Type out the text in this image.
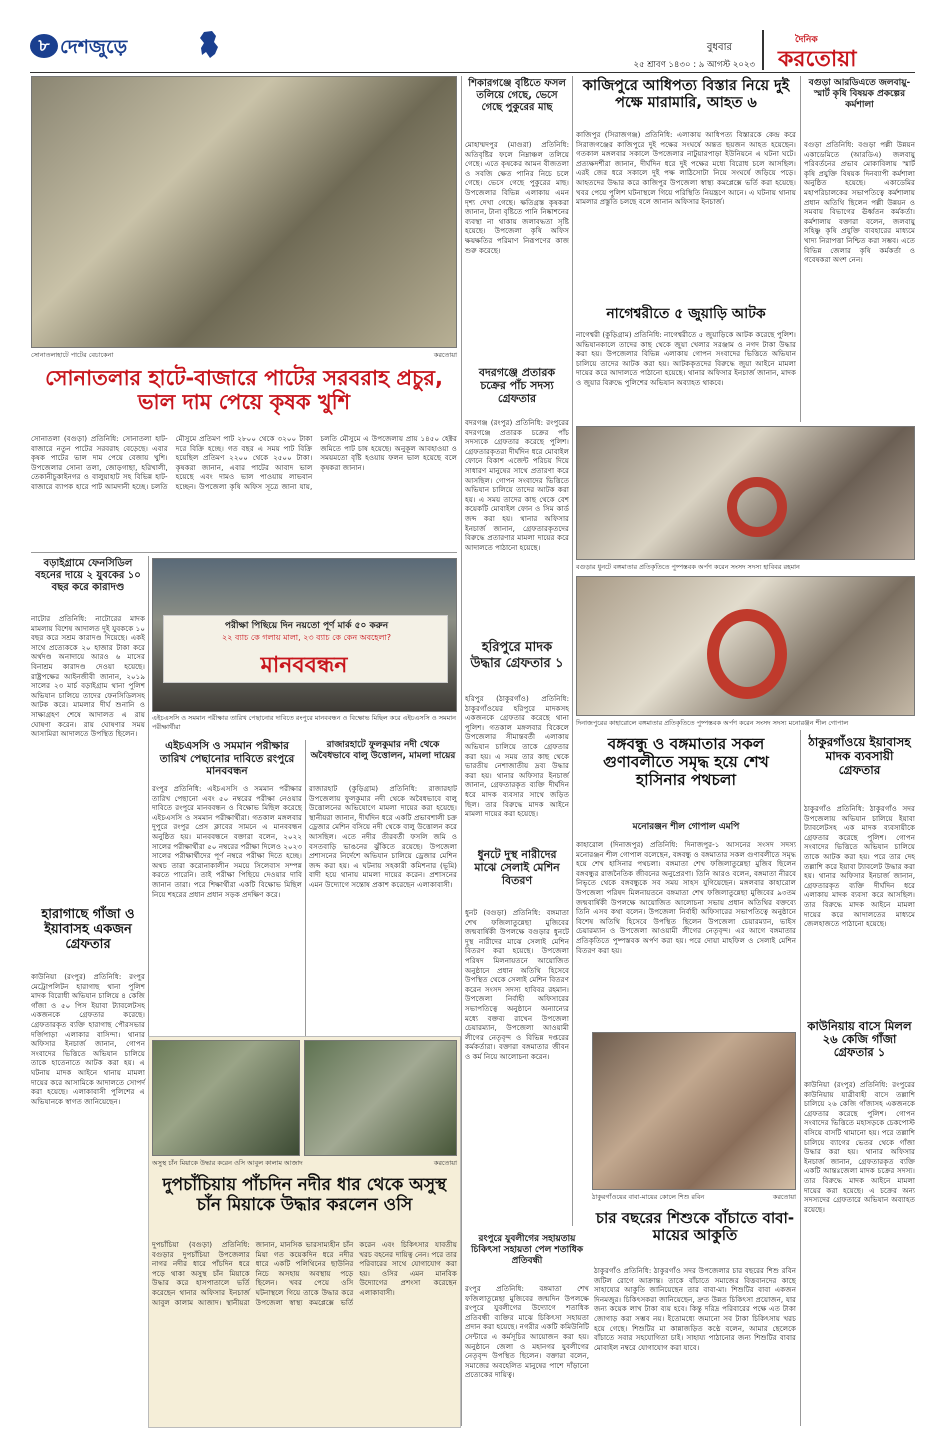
৮ দেশজুড়ে	বুধবার
২৫ শ্রাবণ ১৪৩০ : ৯ আগস্ট ২০২৩
দৈনিক
করতোয়া
সোনাতলাহাটে পাটের বেচাকেনা	করতোয়া
সোনাতলার হাটে-বাজারে পাটের সরবরাহ প্রচুর, ভাল দাম পেয়ে কৃষক খুশি
সোনাতলা (বগুড়া) প্রতিনিধি: সোনাতলা হাট-বাজারে নতুন পাটের সরবরাহ বেড়েছে। এবার কৃষক পাটের ভাল দাম পেয়ে বেজায় খুশি। উপজেলার সোনা তলা, জোড়গাছা, হরিখালী, তেকানীচুকাইনগর ও বালুয়াহাট সহ বিভিন্ন হাট-বাজারে ব্যাপক হারে পাট আমদানী হচ্ছে। চলতি মৌসুমে প্রতিমণ পাট ২৮০০ থেকে ৩২০০ টাকা দরে বিক্রি হচ্ছে। গত বছর এ সময় পাট বিক্রি হয়েছিল প্রতিমণ ২২০০ থেকে ২৫০০ টাকা। কৃষকরা জানান, এবার পাটের আবাদ ভাল হয়েছে এবং দামও ভাল পাওয়ায় লাভবান হচ্ছেন। উপজেলা কৃষি অফিস সূত্রে জানা যায়, চলতি মৌসুমে এ উপজেলায় প্রায় ১৪৫০ হেক্টর জমিতে পাট চাষ হয়েছে। অনুকূল আবহাওয়া ও সময়মতো বৃষ্টি হওয়ায় ফলন ভাল হয়েছে বলে কৃষকরা জানান।
বড়াইগ্রামে ফেনসিডিল বহনের দায়ে ২ যুবকের ১০ বছর করে কারাদণ্ড
নাটোর প্রতিনিধি: নাটোরের মাদক মামলায় বিশেষ আদালত দুই যুবককে ১০ বছর করে সশ্রম কারাদণ্ড দিয়েছে। একই সাথে প্রত্যেককে ২০ হাজার টাকা করে অর্থদণ্ড অনাদায়ে আরও ৬ মাসের বিনাশ্রম কারাদণ্ড দেওয়া হয়েছে। রাষ্ট্রপক্ষের আইনজীবী জানান, ২০১৯ সালের ২৩ মার্চ বড়াইগ্রাম থানা পুলিশ অভিযান চালিয়ে তাদের ফেনসিডিলসহ আটক করে। মামলার দীর্ঘ শুনানি ও সাক্ষ্যগ্রহণ শেষে আদালত এ রায় ঘোষণা করেন। রায় ঘোষণার সময় আসামিরা আদালতে উপস্থিত ছিলেন।
হারাগাছে গাঁজা ও ইয়াবাসহ একজন গ্রেফতার
কাউনিয়া (রংপুর) প্রতিনিধি: রংপুর মেট্রোপলিটন হারাগাছ থানা পুলিশ মাদক বিরোধী অভিযান চালিয়ে ৪ কেজি গাঁজা ও ৫০ পিস ইয়াবা ট্যাবলেটসহ একজনকে গ্রেফতার করেছে। গ্রেফতারকৃত ব্যক্তি হারাগাছ পৌরসভার দর্জিপাড়া এলাকার বাসিন্দা। থানার অফিসার ইনচার্জ জানান, গোপন সংবাদের ভিত্তিতে অভিযান চালিয়ে তাকে হাতেনাতে আটক করা হয়। এ ঘটনায় মাদক আইনে থানায় মামলা দায়ের করে আসামিকে আদালতে সোপর্দ করা হয়েছে। এলাকাবাসী পুলিশের এ অভিযানকে স্বাগত জানিয়েছেন।
পরীক্ষা পিছিয়ে দিন নয়তো পূর্ণ মার্ক ৫০ করুন
২২ ব্যাচ কে গলায় মালা, ২৩ ব্যাচ কে কেন অবহেলা?
মানববন্ধন
এইচএসসি ও সমমান পরীক্ষার তারিখ পেছানোর দাবিতে রংপুরে মানববন্ধন ও বিক্ষোভ মিছিল করে এইচএসসি ও সমমান পরীক্ষার্থীরা
এইচএসসি ও সমমান পরীক্ষার তারিখ পেছানোর দাবিতে রংপুরে মানববন্ধন
রংপুর প্রতিনিধি: এইচএসসি ও সমমান পরীক্ষার তারিখ পেছানো এবং ৫০ নম্বরের পরীক্ষা নেওয়ার দাবিতে রংপুরে মানববন্ধন ও বিক্ষোভ মিছিল করেছে এইচএসসি ও সমমান পরীক্ষার্থীরা। গতকাল মঙ্গলবার দুপুরে রংপুর প্রেস ক্লাবের সামনে এ মানববন্ধন অনুষ্ঠিত হয়। মানববন্ধনে বক্তারা বলেন, ২০২২ সালের পরীক্ষার্থীরা ৫০ নম্বরের পরীক্ষা দিলেও ২০২৩ সালের পরীক্ষার্থীদের পূর্ণ নম্বরে পরীক্ষা দিতে হচ্ছে। অথচ তারা করোনাকালীন সময়ে সিলেবাস সম্পন্ন করতে পারেনি। তাই পরীক্ষা পিছিয়ে দেওয়ার দাবি জানান তারা। পরে শিক্ষার্থীরা একটি বিক্ষোভ মিছিল নিয়ে শহরের প্রধান প্রধান সড়ক প্রদক্ষিণ করে।
রাজারহাটে ফুলকুমার নদী থেকে অবৈধভাবে বালু উত্তোলন, মামলা দায়ের
রাজারহাট (কুড়িগ্রাম) প্রতিনিধি: রাজারহাট উপজেলায় ফুলকুমার নদী থেকে অবৈধভাবে বালু উত্তোলনের অভিযোগে মামলা দায়ের করা হয়েছে। স্থানীয়রা জানান, দীর্ঘদিন ধরে একটি প্রভাবশালী চক্র ড্রেজার মেশিন বসিয়ে নদী থেকে বালু উত্তোলন করে আসছিল। এতে নদীর তীরবর্তী ফসলি জমি ও বসতবাড়ি ভাঙনের ঝুঁকিতে রয়েছে। উপজেলা প্রশাসনের নির্দেশে অভিযান চালিয়ে ড্রেজার মেশিন জব্দ করা হয়। এ ঘটনায় সহকারী কমিশনার (ভূমি) বাদী হয়ে থানায় মামলা দায়ের করেন। প্রশাসনের এমন উদ্যোগে সন্তোষ প্রকাশ করেছেন এলাকাবাসী।
অসুস্থ চাঁন মিয়াকে উদ্ধার করেন ওসি আবুল কালাম আজাদ	করতোয়া
দুপচাঁচিয়ায় পাঁচদিন নদীর ধার থেকে অসুস্থ চাঁন মিয়াকে উদ্ধার করলেন ওসি
দুপচাঁচিয়া (বগুড়া) প্রতিনিধি: বগুড়ার দুপচাঁচিয়া উপজেলার নাগর নদীর ধারে পাঁচদিন ধরে পড়ে থাকা অসুস্থ চাঁন মিয়াকে উদ্ধার করে হাসপাতালে ভর্তি করেছেন থানার অফিসার ইনচার্জ আবুল কালাম আজাদ। স্থানীয়রা জানান, মানসিক ভারসাম্যহীন চাঁন মিয়া গত কয়েকদিন ধরে নদীর ধারে একটি পলিথিনের ছাউনির নিচে অসহায় অবস্থায় পড়ে ছিলেন। খবর পেয়ে ওসি ঘটনাস্থলে গিয়ে তাকে উদ্ধার করে উপজেলা স্বাস্থ্য কমপ্লেক্সে ভর্তি করেন এবং চিকিৎসার যাবতীয় খরচ বহনের দায়িত্ব নেন। পরে তার পরিবারের সাথে যোগাযোগ করা হয়। ওসির এমন মানবিক উদ্যোগের প্রশংসা করেছেন এলাকাবাসী।
শিকারগঞ্জে বৃষ্টিতে ফসল তলিয়ে গেছে, ভেসে গেছে পুকুরের মাছ
মোহাম্মদপুর (মাগুরা) প্রতিনিধি: অতিবৃষ্টির ফলে নিম্নাঞ্চল তলিয়ে গেছে। এতে কৃষকের আমন বীজতলা ও সবজি ক্ষেত পানির নিচে চলে গেছে। ভেসে গেছে পুকুরের মাছ। উপজেলার বিভিন্ন এলাকায় এমন দৃশ্য দেখা গেছে। ক্ষতিগ্রস্ত কৃষকরা জানান, টানা বৃষ্টিতে পানি নিষ্কাশনের ব্যবস্থা না থাকায় জলাবদ্ধতা সৃষ্টি হয়েছে। উপজেলা কৃষি অফিস ক্ষয়ক্ষতির পরিমাণ নিরূপণের কাজ শুরু করেছে।
বদরগঞ্জে প্রতারক চক্রের পাঁচ সদস্য গ্রেফতার
বদরগঞ্জ (রংপুর) প্রতিনিধি: রংপুরের বদরগঞ্জে প্রতারক চক্রের পাঁচ সদস্যকে গ্রেফতার করেছে পুলিশ। গ্রেফতারকৃতরা দীর্ঘদিন ধরে মোবাইল ফোনে বিকাশ এজেন্ট পরিচয় দিয়ে সাধারণ মানুষের সাথে প্রতারণা করে আসছিল। গোপন সংবাদের ভিত্তিতে অভিযান চালিয়ে তাদের আটক করা হয়। এ সময় তাদের কাছ থেকে বেশ কয়েকটি মোবাইল ফোন ও সিম কার্ড জব্দ করা হয়। থানার অফিসার ইনচার্জ জানান, গ্রেফতারকৃতদের বিরুদ্ধে প্রতারণার মামলা দায়ের করে আদালতে পাঠানো হয়েছে।
হরিপুরে মাদক উদ্ধার গ্রেফতার ১
হরিপুর (ঠাকুরগাঁও) প্রতিনিধি: ঠাকুরগাঁওয়ের হরিপুরে মাদকসহ একজনকে গ্রেফতার করেছে থানা পুলিশ। গতকাল মঙ্গলবার বিকেলে উপজেলার সীমান্তবর্তী এলাকায় অভিযান চালিয়ে তাকে গ্রেফতার করা হয়। এ সময় তার কাছ থেকে ভারতীয় নেশাজাতীয় দ্রব্য উদ্ধার করা হয়। থানার অফিসার ইনচার্জ জানান, গ্রেফতারকৃত ব্যক্তি দীর্ঘদিন ধরে মাদক ব্যবসার সাথে জড়িত ছিল। তার বিরুদ্ধে মাদক আইনে মামলা দায়ের করা হয়েছে।
ধুনটে দুস্থ নারীদের মাঝে সেলাই মেশিন বিতরণ
ধুনট (বগুড়া) প্রতিনিধি: বঙ্গমাতা শেখ ফজিলাতুন্নেছা মুজিবের জন্মবার্ষিকী উপলক্ষে বগুড়ার ধুনটে দুস্থ নারীদের মাঝে সেলাই মেশিন বিতরণ করা হয়েছে। উপজেলা পরিষদ মিলনায়তনে আয়োজিত অনুষ্ঠানে প্রধান অতিথি হিসেবে উপস্থিত থেকে সেলাই মেশিন বিতরণ করেন সংসদ সদস্য হাবিবর রহমান। উপজেলা নির্বাহী অফিসারের সভাপতিত্বে অনুষ্ঠানে অন্যান্যের মধ্যে বক্তব্য রাখেন উপজেলা চেয়ারম্যান, উপজেলা আওয়ামী লীগের নেতৃবৃন্দ ও বিভিন্ন দপ্তরের কর্মকর্তারা। বক্তারা বঙ্গমাতার জীবন ও কর্ম নিয়ে আলোচনা করেন।
রংপুরে যুবলীগের সহায়তায় চিকিৎসা সহায়তা পেল শতাধিক প্রতিবন্ধী
রংপুর প্রতিনিধি: বঙ্গমাতা শেখ ফজিলাতুন্নেছা মুজিবের জন্মদিন উপলক্ষে রংপুরে যুবলীগের উদ্যোগে শতাধিক প্রতিবন্ধী ব্যক্তির মাঝে চিকিৎসা সহায়তা প্রদান করা হয়েছে। নগরীর একটি কমিউনিটি সেন্টারে এ কর্মসূচির আয়োজন করা হয়। অনুষ্ঠানে জেলা ও মহানগর যুবলীগের নেতৃবৃন্দ উপস্থিত ছিলেন। বক্তারা বলেন, সমাজের অবহেলিত মানুষের পাশে দাঁড়ানো প্রত্যেকের দায়িত্ব।
কাজিপুরে আধিপত্য বিস্তার নিয়ে দুই পক্ষে মারামারি, আহত ৬
কাজিপুর (সিরাজগঞ্জ) প্রতিনিধি: এলাকায় আধিপত্য বিস্তারকে কেন্দ্র করে সিরাজগঞ্জের কাজিপুরে দুই পক্ষের সংঘর্ষে অন্তত ছয়জন আহত হয়েছেন। গতকাল মঙ্গলবার সকালে উপজেলার নাটুয়ারপাড়া ইউনিয়নে এ ঘটনা ঘটে। প্রত্যক্ষদর্শীরা জানান, দীর্ঘদিন ধরে দুই পক্ষের মধ্যে বিরোধ চলে আসছিল। এরই জের ধরে সকালে দুই পক্ষ লাঠিসোটা নিয়ে সংঘর্ষে জড়িয়ে পড়ে। আহতদের উদ্ধার করে কাজিপুর উপজেলা স্বাস্থ্য কমপ্লেক্সে ভর্তি করা হয়েছে। খবর পেয়ে পুলিশ ঘটনাস্থলে গিয়ে পরিস্থিতি নিয়ন্ত্রণে আনে। এ ঘটনায় থানায় মামলার প্রস্তুতি চলছে বলে জানান অফিসার ইনচার্জ।
নাগেশ্বরীতে ৫ জুয়াড়ি আটক
নাগেশ্বরী (কুড়িগ্রাম) প্রতিনিধি: নাগেশ্বরীতে ৫ জুয়াড়িকে আটক করেছে পুলিশ। অভিযানকালে তাদের কাছ থেকে জুয়া খেলার সরঞ্জাম ও নগদ টাকা উদ্ধার করা হয়। উপজেলার বিভিন্ন এলাকায় গোপন সংবাদের ভিত্তিতে অভিযান চালিয়ে তাদের আটক করা হয়। আটককৃতদের বিরুদ্ধে জুয়া আইনে মামলা দায়ের করে আদালতে পাঠানো হয়েছে। থানার অফিসার ইনচার্জ জানান, মাদক ও জুয়ার বিরুদ্ধে পুলিশের অভিযান অব্যাহত থাকবে।
বগুড়া আরডিএতে জলবায়ু-স্মার্ট কৃষি বিষয়ক প্রকল্পের কর্মশালা
বগুড়া প্রতিনিধি: বগুড়া পল্লী উন্নয়ন একাডেমিতে (আরডিএ) জলবায়ু পরিবর্তনের প্রভাব মোকাবিলায় স্মার্ট কৃষি প্রযুক্তি বিষয়ক দিনব্যাপী কর্মশালা অনুষ্ঠিত হয়েছে। একাডেমির মহাপরিচালকের সভাপতিত্বে কর্মশালায় প্রধান অতিথি ছিলেন পল্লী উন্নয়ন ও সমবায় বিভাগের ঊর্ধ্বতন কর্মকর্তা। কর্মশালায় বক্তারা বলেন, জলবায়ু সহিষ্ণু কৃষি প্রযুক্তি ব্যবহারের মাধ্যমে খাদ্য নিরাপত্তা নিশ্চিত করা সম্ভব। এতে বিভিন্ন জেলার কৃষি কর্মকর্তা ও গবেষকরা অংশ নেন।
বগুড়ার ধুনটে বঙ্গমাতার প্রতিকৃতিতে পুষ্পস্তবক অর্পণ করেন সংসদ সদস্য হাবিবর রহমান
দিনাজপুরের কাহারোলে বঙ্গমাতার প্রতিকৃতিতে পুষ্পস্তবক অর্পণ করেন সংসদ সদস্য মনোরঞ্জন শীল গোপাল
বঙ্গবন্ধু ও বঙ্গমাতার সকল গুণাবলীতে সমৃদ্ধ হয়ে শেখ হাসিনার পথচলা
মনোরঞ্জন শীল গোপাল এমপি
কাহারোল (দিনাজপুর) প্রতিনিধি: দিনাজপুর-১ আসনের সংসদ সদস্য মনোরঞ্জন শীল গোপাল বলেছেন, বঙ্গবন্ধু ও বঙ্গমাতার সকল গুণাবলীতে সমৃদ্ধ হয়ে শেখ হাসিনার পথচলা। বঙ্গমাতা শেখ ফজিলাতুন্নেছা মুজিব ছিলেন বঙ্গবন্ধুর রাজনৈতিক জীবনের অনুপ্রেরণা। তিনি আরও বলেন, বঙ্গমাতা নীরবে নিভৃতে থেকে বঙ্গবন্ধুকে সব সময় সাহস যুগিয়েছেন। মঙ্গলবার কাহারোল উপজেলা পরিষদ মিলনায়তনে বঙ্গমাতা শেখ ফজিলাতুন্নেছা মুজিবের ৯৩তম জন্মবার্ষিকী উপলক্ষে আয়োজিত আলোচনা সভায় প্রধান অতিথির বক্তব্যে তিনি এসব কথা বলেন। উপজেলা নির্বাহী অফিসারের সভাপতিত্বে অনুষ্ঠানে বিশেষ অতিথি হিসেবে উপস্থিত ছিলেন উপজেলা চেয়ারম্যান, ভাইস চেয়ারম্যান ও উপজেলা আওয়ামী লীগের নেতৃবৃন্দ। এর আগে বঙ্গমাতার প্রতিকৃতিতে পুষ্পস্তবক অর্পণ করা হয়। পরে দোয়া মাহফিল ও সেলাই মেশিন বিতরণ করা হয়।
ঠাকুরগাঁওয়ে ইয়াবাসহ মাদক ব্যবসায়ী গ্রেফতার
ঠাকুরগাঁও প্রতিনিধি: ঠাকুরগাঁও সদর উপজেলায় অভিযান চালিয়ে ইয়াবা ট্যাবলেটসহ এক মাদক ব্যবসায়ীকে গ্রেফতার করেছে পুলিশ। গোপন সংবাদের ভিত্তিতে অভিযান চালিয়ে তাকে আটক করা হয়। পরে তার দেহ তল্লাশি করে ইয়াবা ট্যাবলেট উদ্ধার করা হয়। থানার অফিসার ইনচার্জ জানান, গ্রেফতারকৃত ব্যক্তি দীর্ঘদিন ধরে এলাকায় মাদক ব্যবসা করে আসছিল। তার বিরুদ্ধে মাদক আইনে মামলা দায়ের করে আদালতের মাধ্যমে জেলহাজতে পাঠানো হয়েছে।
কাউনিয়ায় বাসে মিলল ২৬ কেজি গাঁজা গ্রেফতার ১
কাউনিয়া (রংপুর) প্রতিনিধি: রংপুরের কাউনিয়ায় যাত্রীবাহী বাসে তল্লাশি চালিয়ে ২৬ কেজি গাঁজাসহ একজনকে গ্রেফতার করেছে পুলিশ। গোপন সংবাদের ভিত্তিতে মহাসড়কে চেকপোস্ট বসিয়ে বাসটি থামানো হয়। পরে তল্লাশি চালিয়ে ব্যাগের ভেতর থেকে গাঁজা উদ্ধার করা হয়। থানার অফিসার ইনচার্জ জানান, গ্রেফতারকৃত ব্যক্তি একটি আন্তঃজেলা মাদক চক্রের সদস্য। তার বিরুদ্ধে মাদক আইনে মামলা দায়ের করা হয়েছে। এ চক্রের অন্য সদস্যদের গ্রেফতারে অভিযান অব্যাহত রয়েছে।
ঠাকুরগাঁওয়ের বাবা-মায়ের কোলে শিশু রবিন	করতোয়া
চার বছরের শিশুকে বাঁচাতে বাবা-মায়ের আকুতি
ঠাকুরগাঁও প্রতিনিধি: ঠাকুরগাঁও সদর উপজেলার চার বছরের শিশু রবিন জটিল রোগে আক্রান্ত। তাকে বাঁচাতে সমাজের বিত্তবানদের কাছে সাহায্যের আকুতি জানিয়েছেন তার বাবা-মা। শিশুটির বাবা একজন দিনমজুর। চিকিৎসকরা জানিয়েছেন, দ্রুত উন্নত চিকিৎসা প্রয়োজন, যার জন্য কয়েক লাখ টাকা ব্যয় হবে। কিন্তু দরিদ্র পরিবারের পক্ষে এত টাকা জোগাড় করা সম্ভব নয়। ইতোমধ্যে জমানো সব টাকা চিকিৎসায় খরচ হয়ে গেছে। শিশুটির মা কান্নাজড়িত কণ্ঠে বলেন, আমার ছেলেকে বাঁচাতে সবার সহযোগিতা চাই। সাহায্য পাঠানোর জন্য শিশুটির বাবার মোবাইল নম্বরে যোগাযোগ করা যাবে।
